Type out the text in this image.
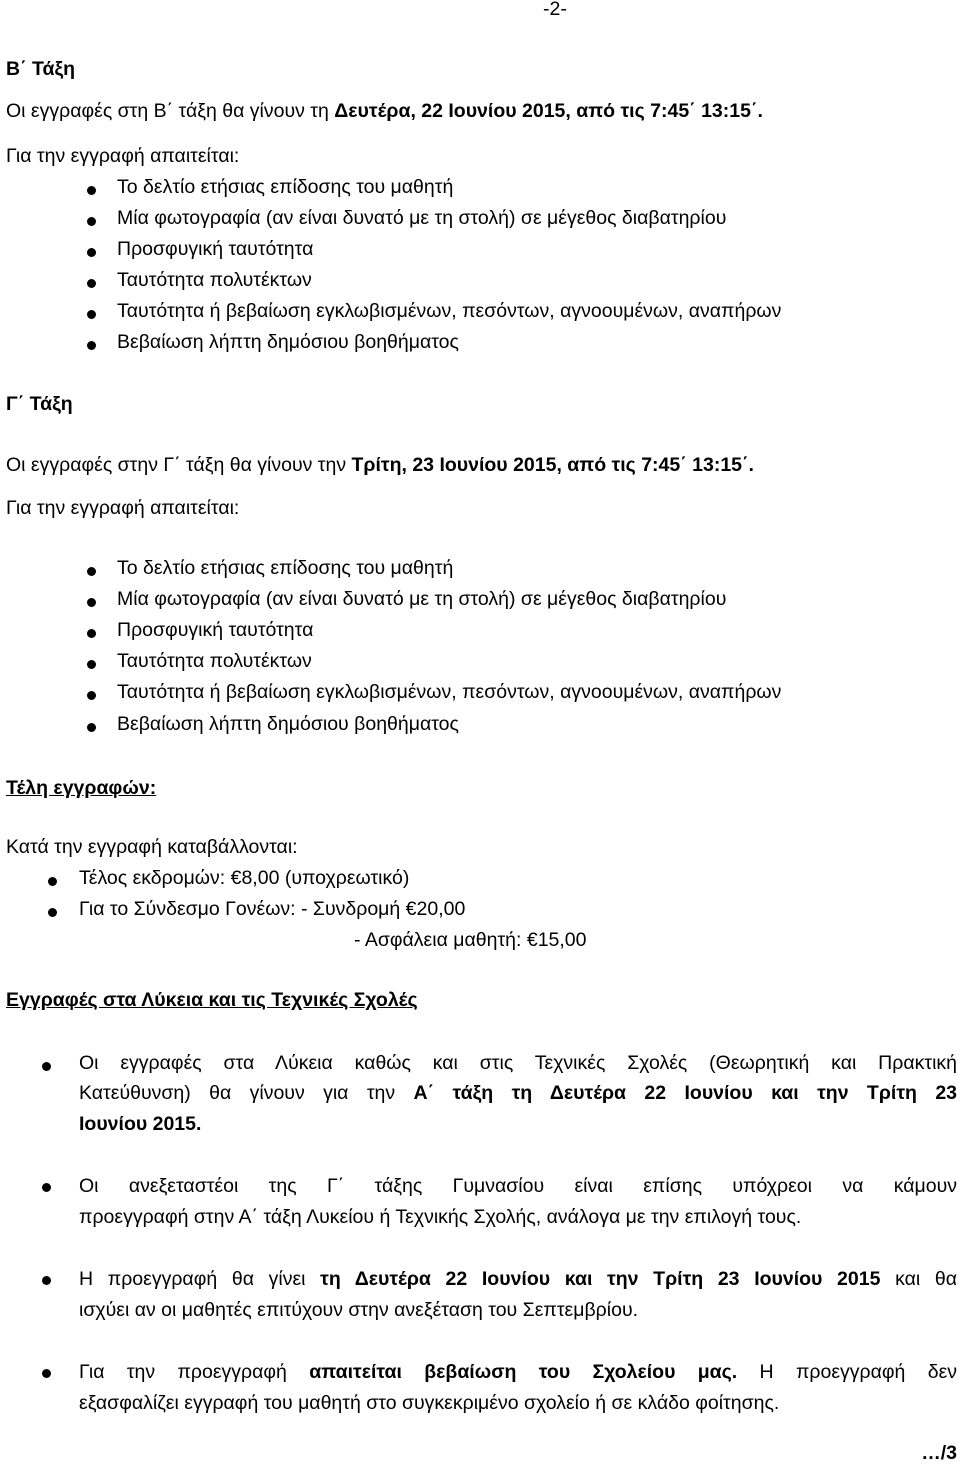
-2-
Β΄ Τάξη
Οι εγγραφές στη Β΄ τάξη θα γίνουν τη Δευτέρα, 22 Ιουνίου 2015, από τις 7:45΄ 13:15΄.
Για την εγγραφή απαιτείται:
Το δελτίο ετήσιας επίδοσης του μαθητή
Μία φωτογραφία (αν είναι δυνατό με τη στολή) σε μέγεθος διαβατηρίου
Προσφυγική ταυτότητα
Ταυτότητα πολυτέκτων
Ταυτότητα ή βεβαίωση εγκλωβισμένων, πεσόντων, αγνοουμένων, αναπήρων
Βεβαίωση λήπτη δημόσιου βοηθήματος
Γ΄ Τάξη
Οι εγγραφές στην Γ΄ τάξη θα γίνουν την Τρίτη, 23 Ιουνίου 2015, από τις 7:45΄ 13:15΄.
Για την εγγραφή απαιτείται:
Το δελτίο ετήσιας επίδοσης του μαθητή
Μία φωτογραφία (αν είναι δυνατό με τη στολή) σε μέγεθος διαβατηρίου
Προσφυγική ταυτότητα
Ταυτότητα πολυτέκτων
Ταυτότητα ή βεβαίωση εγκλωβισμένων, πεσόντων, αγνοουμένων, αναπήρων
Βεβαίωση λήπτη δημόσιου βοηθήματος
Τέλη εγγραφών:
Κατά την εγγραφή καταβάλλονται:
Τέλος εκδρομών: €8,00 (υποχρεωτικό)
Για το Σύνδεσμο Γονέων: - Συνδρομή €20,00
- Ασφάλεια μαθητή: €15,00
Εγγραφές στα Λύκεια και τις Τεχνικές Σχολές
Οι εγγραφές στα Λύκεια καθώς και στις Τεχνικές Σχολές (Θεωρητική και Πρακτική
Κατεύθυνση) θα γίνουν για την Α΄ τάξη τη Δευτέρα 22 Ιουνίου και την Τρίτη 23
Ιουνίου 2015.
Οι ανεξεταστέοι της Γ΄ τάξης Γυμνασίου είναι επίσης υπόχρεοι να κάμουν
προεγγραφή στην Α΄ τάξη Λυκείου ή Τεχνικής Σχολής, ανάλογα με την επιλογή τους.
Η προεγγραφή θα γίνει τη Δευτέρα 22 Ιουνίου και την Τρίτη 23 Ιουνίου 2015 και θα
ισχύει αν οι μαθητές επιτύχουν στην ανεξέταση του Σεπτεμβρίου.
Για την προεγγραφή απαιτείται βεβαίωση του Σχολείου μας. Η προεγγραφή δεν
εξασφαλίζει εγγραφή του μαθητή στο συγκεκριμένο σχολείο ή σε κλάδο φοίτησης.
…/3
